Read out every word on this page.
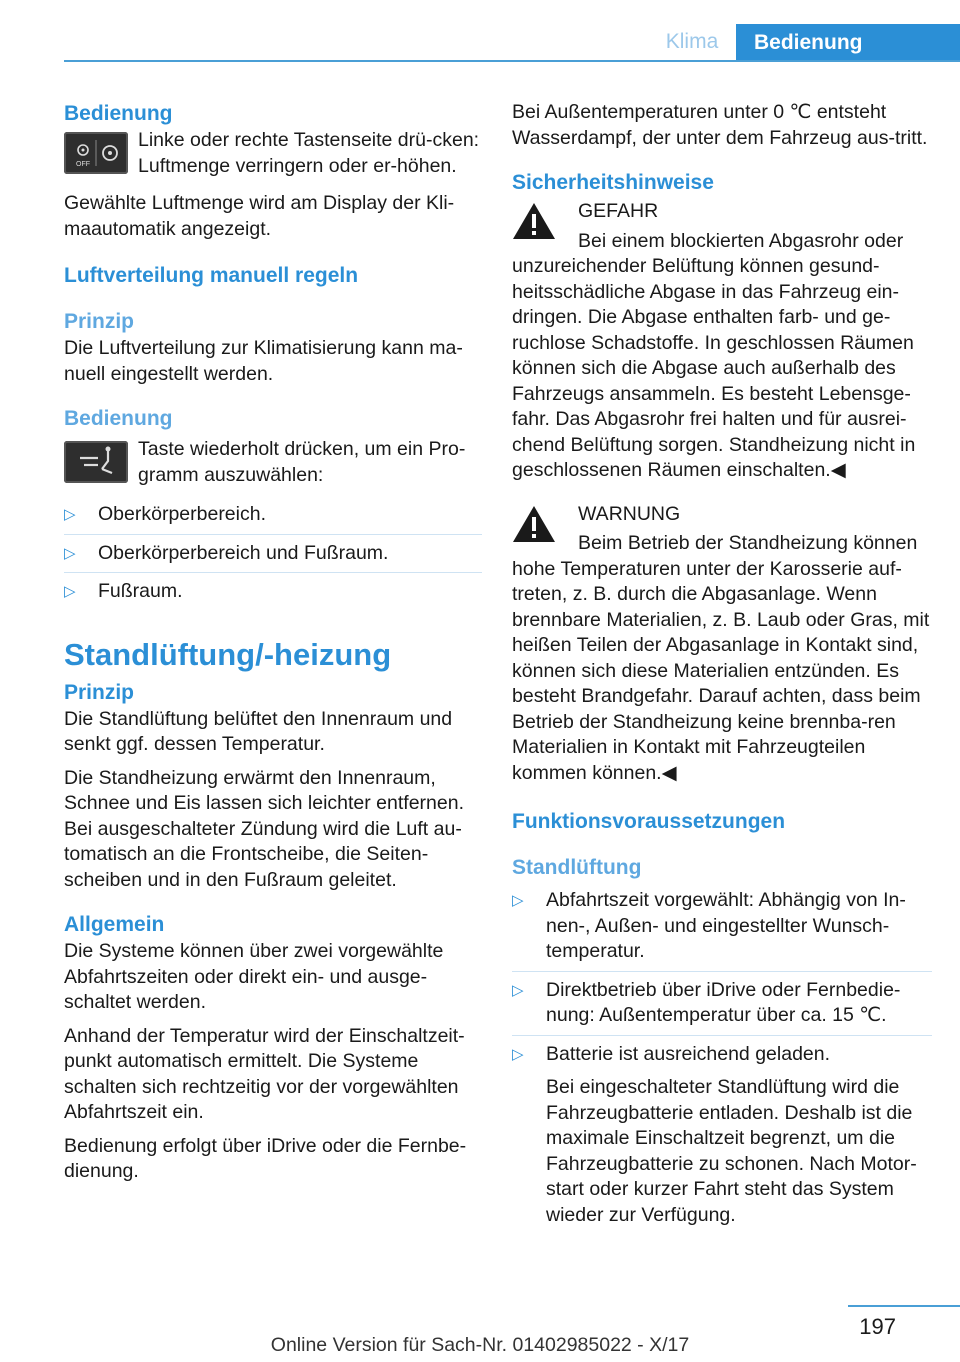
Klima	Bedienung
Bedienung
OFF

Linke oder rechte Tastenseite drü-cken: Luftmenge verringern oder er-höhen.

Gewählte Luftmenge wird am Display der Kli-maautomatik angezeigt.

Luftverteilung manuell regeln
Prinzip

Die Luftverteilung zur Klimatisierung kann ma-nuell eingestellt werden.

Bedienung

Taste wiederholt drücken, um ein Pro-gramm auszuwählen:

▷ Oberkörperbereich.
▷ Oberkörperbereich und Fußraum.
▷ Fußraum.
Standlüftung/-heizung
Prinzip

Die Standlüftung belüftet den Innenraum und senkt ggf. dessen Temperatur.

Die Standheizung erwärmt den Innenraum, Schnee und Eis lassen sich leichter entfernen. Bei ausgeschalteter Zündung wird die Luft au-tomatisch an die Frontscheibe, die Seiten-scheiben und in den Fußraum geleitet.

Allgemein

Die Systeme können über zwei vorgewählte Abfahrtszeiten oder direkt ein- und ausge-schaltet werden.

Anhand der Temperatur wird der Einschaltzeit-punkt automatisch ermittelt. Die Systeme schalten sich rechtzeitig vor der vorgewählten Abfahrtszeit ein.

Bedienung erfolgt über iDrive oder die Fernbe-dienung.

Bei Außentemperaturen unter 0 ℃ entsteht Wasserdampf, der unter dem Fahrzeug aus-tritt.

Sicherheitshinweise

GEFAHR

Bei einem blockierten Abgasrohr oder unzureichender Belüftung können gesund-heitsschädliche Abgase in das Fahrzeug ein-dringen. Die Abgase enthalten farb- und ge-ruchlose Schadstoffe. In geschlossen Räumen können sich die Abgase auch außerhalb des Fahrzeugs ansammeln. Es besteht Lebensge-fahr. Das Abgasrohr frei halten und für ausrei-chend Belüftung sorgen. Standheizung nicht in geschlossenen Räumen einschalten.◀

WARNUNG

Beim Betrieb der Standheizung können hohe Temperaturen unter der Karosserie auf-treten, z. B. durch die Abgasanlage. Wenn brennbare Materialien, z. B. Laub oder Gras, mit heißen Teilen der Abgasanlage in Kontakt sind, können sich diese Materialien entzünden. Es besteht Brandgefahr. Darauf achten, dass beim Betrieb der Standheizung keine brennba-ren Materialien in Kontakt mit Fahrzeugteilen kommen können.◀

Funktionsvoraussetzungen
Standlüftung
▷ Abfahrtszeit vorgewählt: Abhängig von In-nen-, Außen- und eingestellter Wunsch-temperatur.
▷ Direktbetrieb über iDrive oder Fernbedie-nung: Außentemperatur über ca. 15 ℃.
▷ Batterie ist ausreichend geladen.
Bei eingeschalteter Standlüftung wird die Fahrzeugbatterie entladen. Deshalb ist die maximale Einschaltzeit begrenzt, um die Fahrzeugbatterie zu schonen. Nach Motor-start oder kurzer Fahrt steht das System wieder zur Verfügung.
197
Online Version für Sach-Nr. 01402985022 - X/17
